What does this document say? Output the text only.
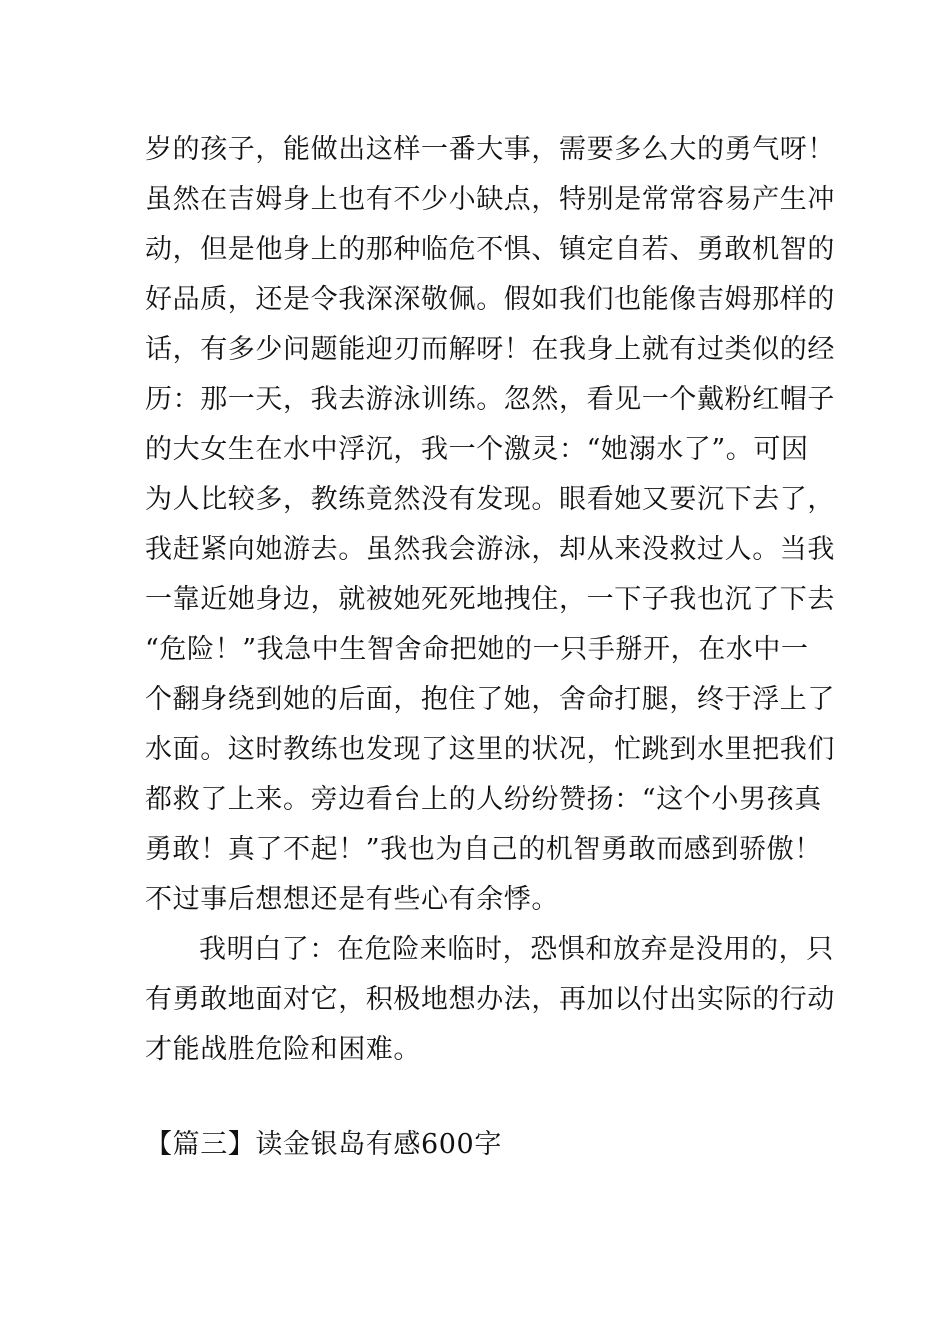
岁的孩子，能做出这样一番大事，需要多么大的勇气呀！
虽然在吉姆身上也有不少小缺点，特别是常常容易产生冲
动，但是他身上的那种临危不惧、镇定自若、勇敢机智的
好品质，还是令我深深敬佩。假如我们也能像吉姆那样的
话，有多少问题能迎刃而解呀！在我身上就有过类似的经
历：那一天，我去游泳训练。忽然，看见一个戴粉红帽子
的大女生在水中浮沉，我一个激灵：“她溺水了”。可因
为人比较多，教练竟然没有发现。眼看她又要沉下去了，
我赶紧向她游去。虽然我会游泳，却从来没救过人。当我
一靠近她身边，就被她死死地拽住，一下子我也沉了下去
“危险！”我急中生智舍命把她的一只手掰开，在水中一
个翻身绕到她的后面，抱住了她，舍命打腿，终于浮上了
水面。这时教练也发现了这里的状况，忙跳到水里把我们
都救了上来。旁边看台上的人纷纷赞扬：“这个小男孩真
勇敢！真了不起！”我也为自己的机智勇敢而感到骄傲！
不过事后想想还是有些心有余悸。
我明白了：在危险来临时，恐惧和放弃是没用的，只
有勇敢地面对它，积极地想办法，再加以付出实际的行动
才能战胜危险和困难。
【篇三】读金银岛有感600字
